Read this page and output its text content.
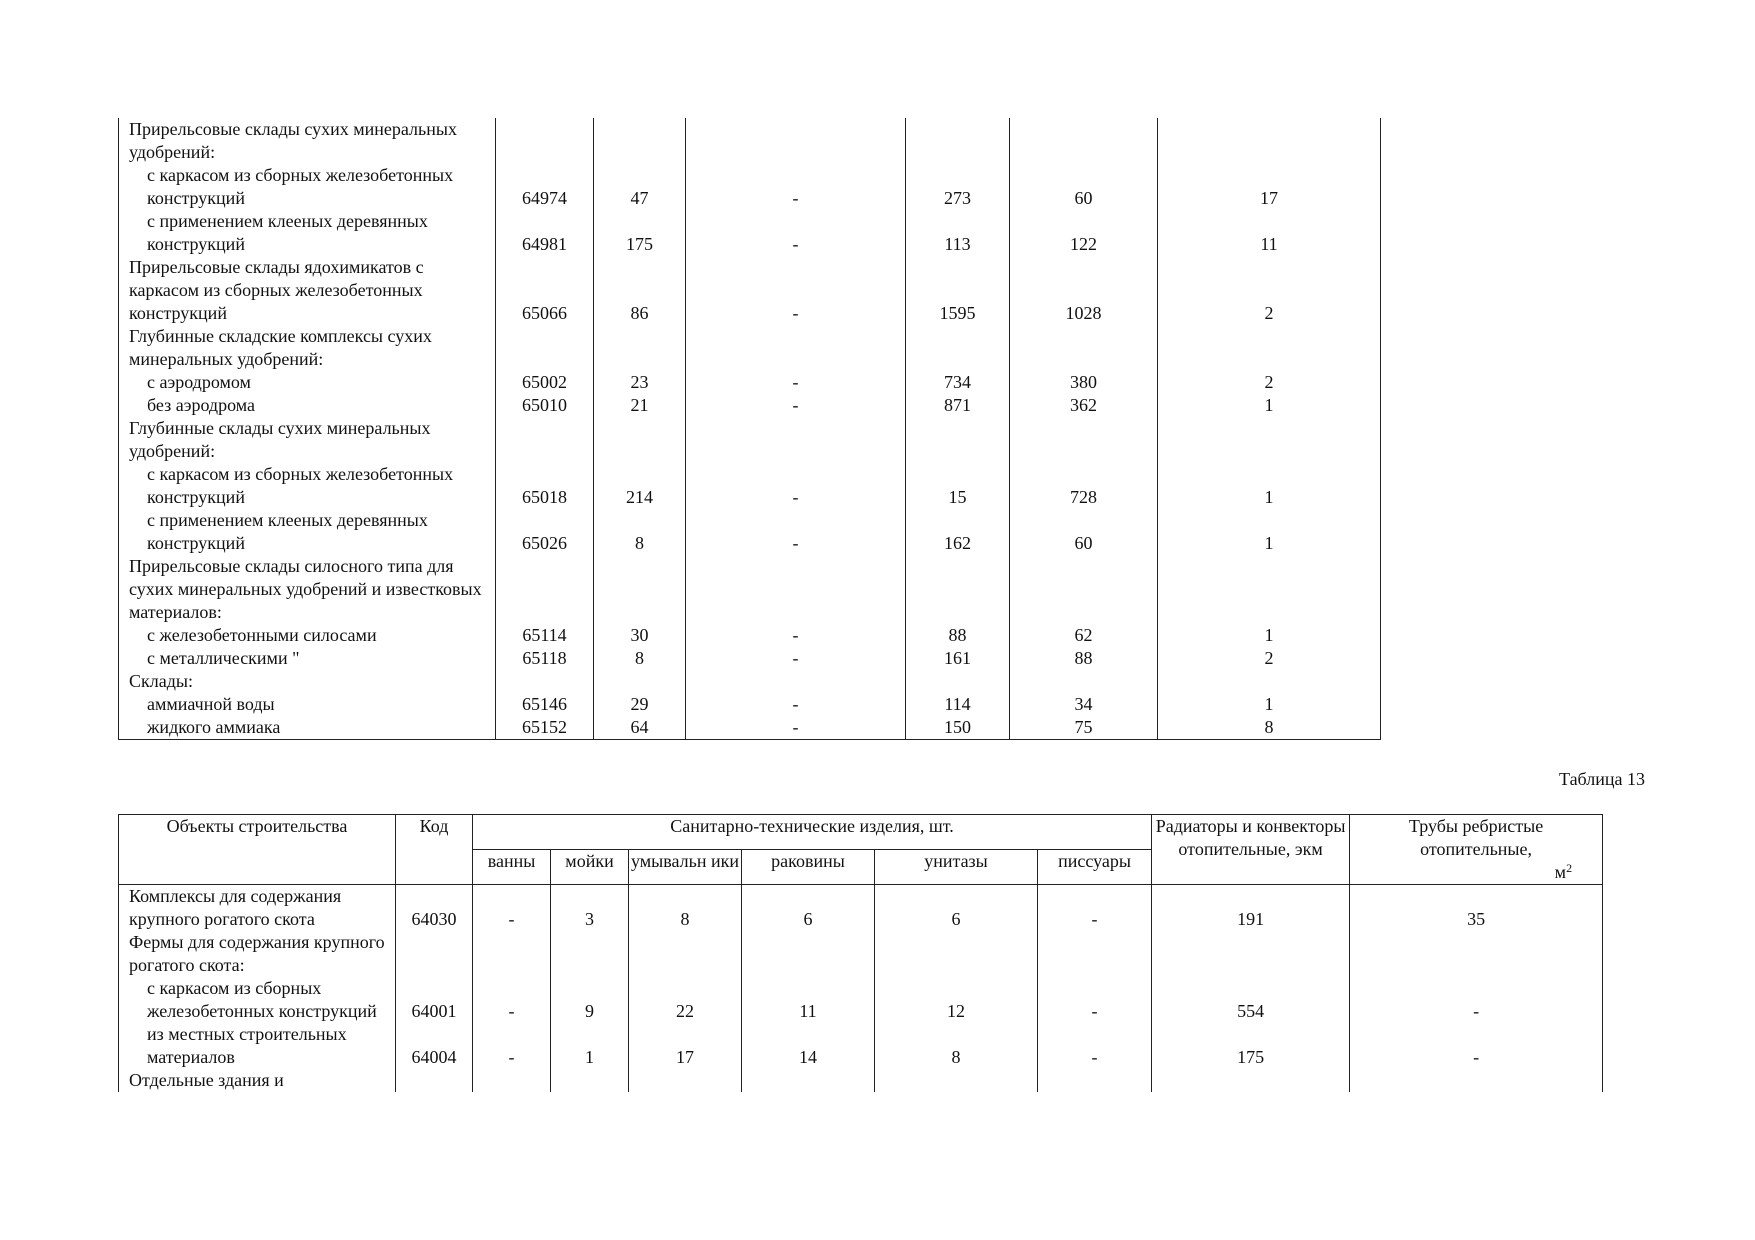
Прирельсовые склады сухих минеральных удобрений:						
с каркасом из сборных железобетонных конструкций	64974	47	-	273	60	17
с применением клееных деревянных конструкций	64981	175	-	113	122	11
Прирельсовые склады ядохимикатов с каркасом из сборных железобетонных конструкций	65066	86	-	1595	1028	2
Глубинные складские комплексы сухих минеральных удобрений:						
с аэродромом	65002	23	-	734	380	2
без аэродрома	65010	21	-	871	362	1
Глубинные склады сухих минеральных удобрений:						
с каркасом из сборных железобетонных конструкций	65018	214	-	15	728	1
с применением клееных деревянных конструкций	65026	8	-	162	60	1
Прирельсовые склады силосного типа для сухих минеральных удобрений и известковых материалов:						
с железобетонными силосами	65114	30	-	88	62	1
с металлическими "	65118	8	-	161	88	2
Склады:						
аммиачной воды	65146	29	-	114	34	1
жидкого аммиака	65152	64	-	150	75	8
Таблица 13
Объекты строительства	Код	Санитарно-технические изделия, шт.						Радиаторы и конвекторы отопительные, экм	Трубы ребристые отопительные,
$м^2$

		ванны	мойки	умывальн ики	раковины	унитазы	писсуары		
Комплексы для содержания крупного рогатого скота	64030	-	3	8	6	6	-	191	35
Фермы для содержания крупного рогатого скота:									
с каркасом из сборных железобетонных конструкций	64001	-	9	22	11	12	-	554	-
из местных строительных материалов	64004	-	1	17	14	8	-	175	-
Отдельные здания и									
